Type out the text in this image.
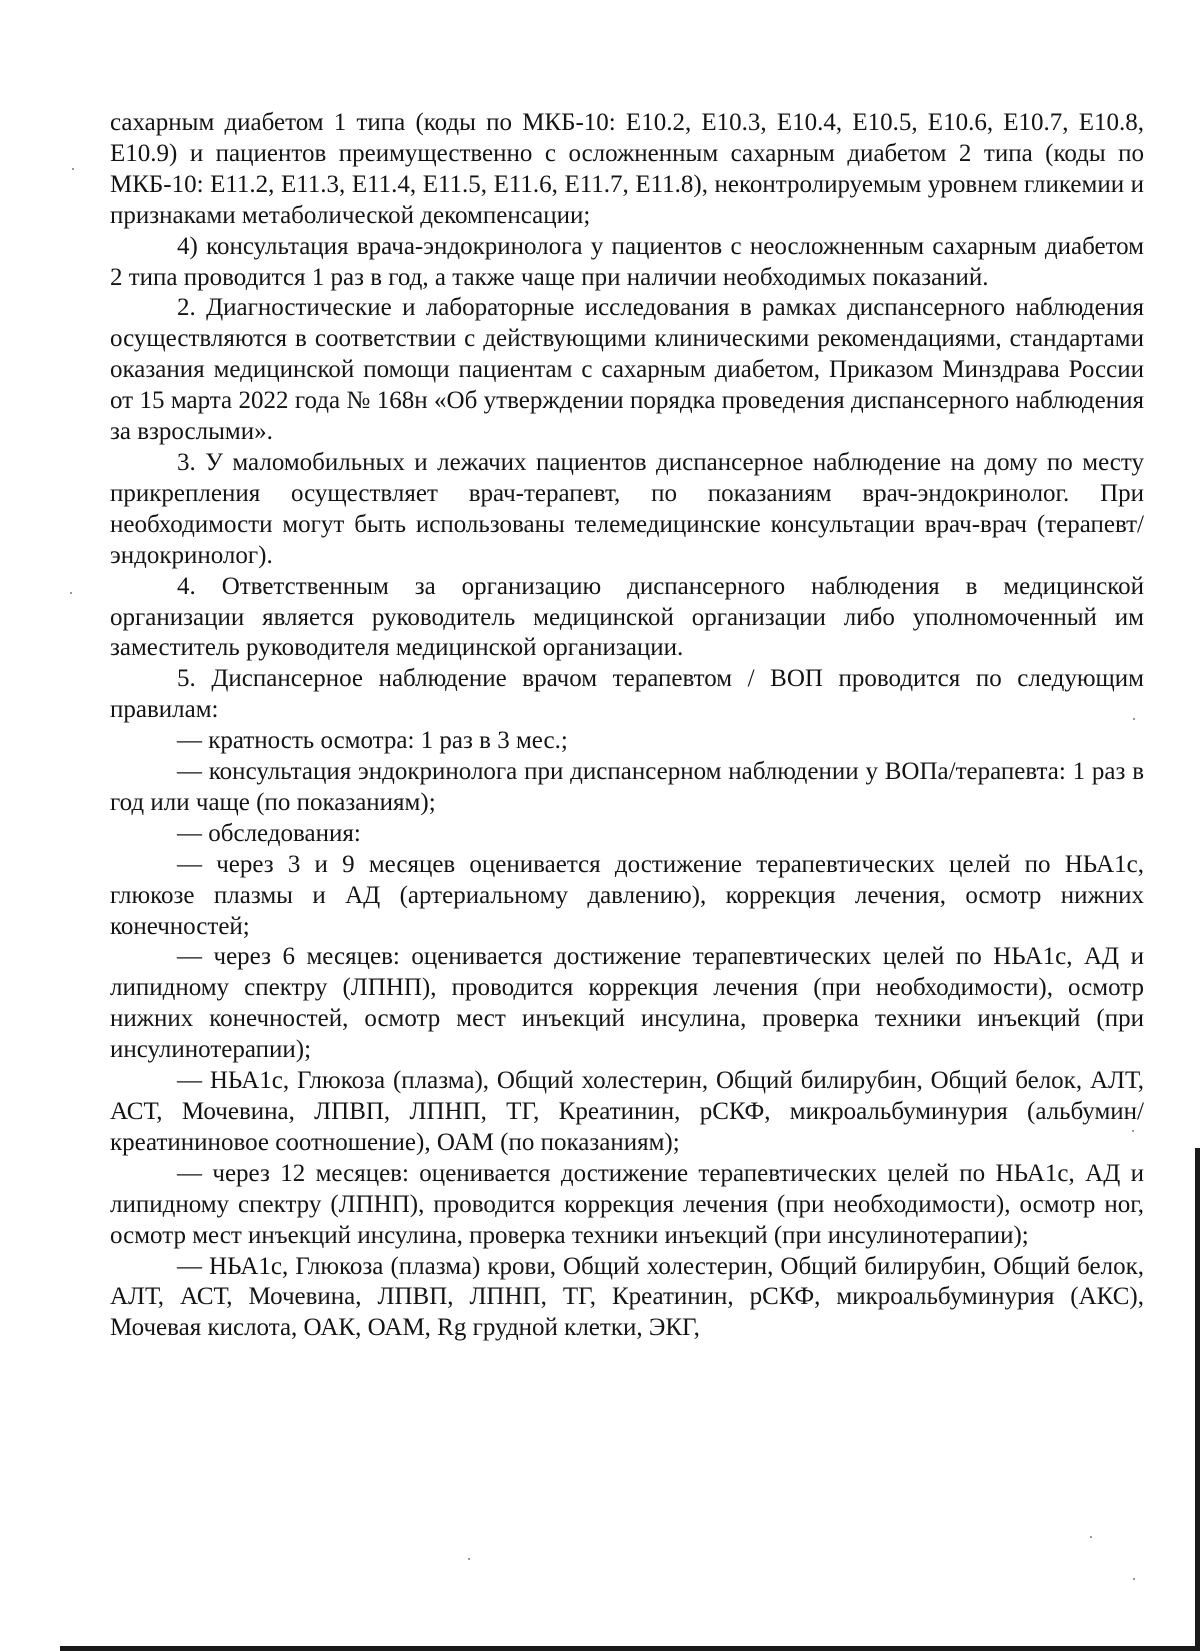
сахарным диабетом 1 типа (коды по МКБ-10: Е10.2, Е10.3, Е10.4, Е10.5, Е10.6, Е10.7, Е10.8, Е10.9) и пациентов преимущественно с осложненным сахарным диабетом 2 типа (коды по МКБ-10: Е11.2, Е11.3, Е11.4, Е11.5, Е11.6, Е11.7, Е11.8), неконтролируемым уровнем гликемии и признаками метаболической декомпенсации;

4) консультация врача-эндокринолога у пациентов с неосложненным сахарным диабетом 2 типа проводится 1 раз в год, а также чаще при наличии необходимых показаний.

2. Диагностические и лабораторные исследования в рамках диспансерного наблюдения осуществляются в соответствии с действующими клиническими рекомендациями, стандартами оказания медицинской помощи пациентам с сахарным диабетом, Приказом Минздрава России от 15 марта 2022 года № 168н «Об утверждении порядка проведения диспансерного наблюдения за взрослыми».

3. У маломобильных и лежачих пациентов диспансерное наблюдение на дому по месту прикрепления осуществляет врач-терапевт, по показаниям врач-эндокринолог. При необходимости могут быть использованы телемедицинские консультации врач-врач (терапевт/ эндокринолог).

4. Ответственным за организацию диспансерного наблюдения в медицинской организации является руководитель медицинской организации либо уполномоченный им заместитель руководителя медицинской организации.

5. Диспансерное наблюдение врачом терапевтом / ВОП проводится по следующим правилам:

— кратность осмотра: 1 раз в 3 мес.;

— консультация эндокринолога при диспансерном наблюдении у ВОПа/терапевта: 1 раз в год или чаще (по показаниям);

— обследования:

— через 3 и 9 месяцев оценивается достижение терапевтических целей по НЬА1с, глюкозе плазмы и АД (артериальному давлению), коррекция лечения, осмотр нижних конечностей;

— через 6 месяцев: оценивается достижение терапевтических целей по НЬА1с, АД и липидному спектру (ЛПНП), проводится коррекция лечения (при необходимости), осмотр нижних конечностей, осмотр мест инъекций инсулина, проверка техники инъекций (при инсулинотерапии);

— НЬА1с, Глюкоза (плазма), Общий холестерин, Общий билирубин, Общий белок, АЛТ, АСТ, Мочевина, ЛПВП, ЛПНП, ТГ, Креатинин, рСКФ, микроальбуминурия (альбумин/креатининовое соотношение), ОАМ (по показаниям);

— через 12 месяцев: оценивается достижение терапевтических целей по НЬА1с, АД и липидному спектру (ЛПНП), проводится коррекция лечения (при необходимости), осмотр ног, осмотр мест инъекций инсулина, проверка техники инъекций (при инсулинотерапии);

— НЬА1с, Глюкоза (плазма) крови, Общий холестерин, Общий билирубин, Общий белок, АЛТ, АСТ, Мочевина, ЛПВП, ЛПНП, ТГ, Креатинин, рСКФ, микроальбуминурия (АКС), Мочевая кислота, ОАК, ОАМ, Rg грудной клетки, ЭКГ,
